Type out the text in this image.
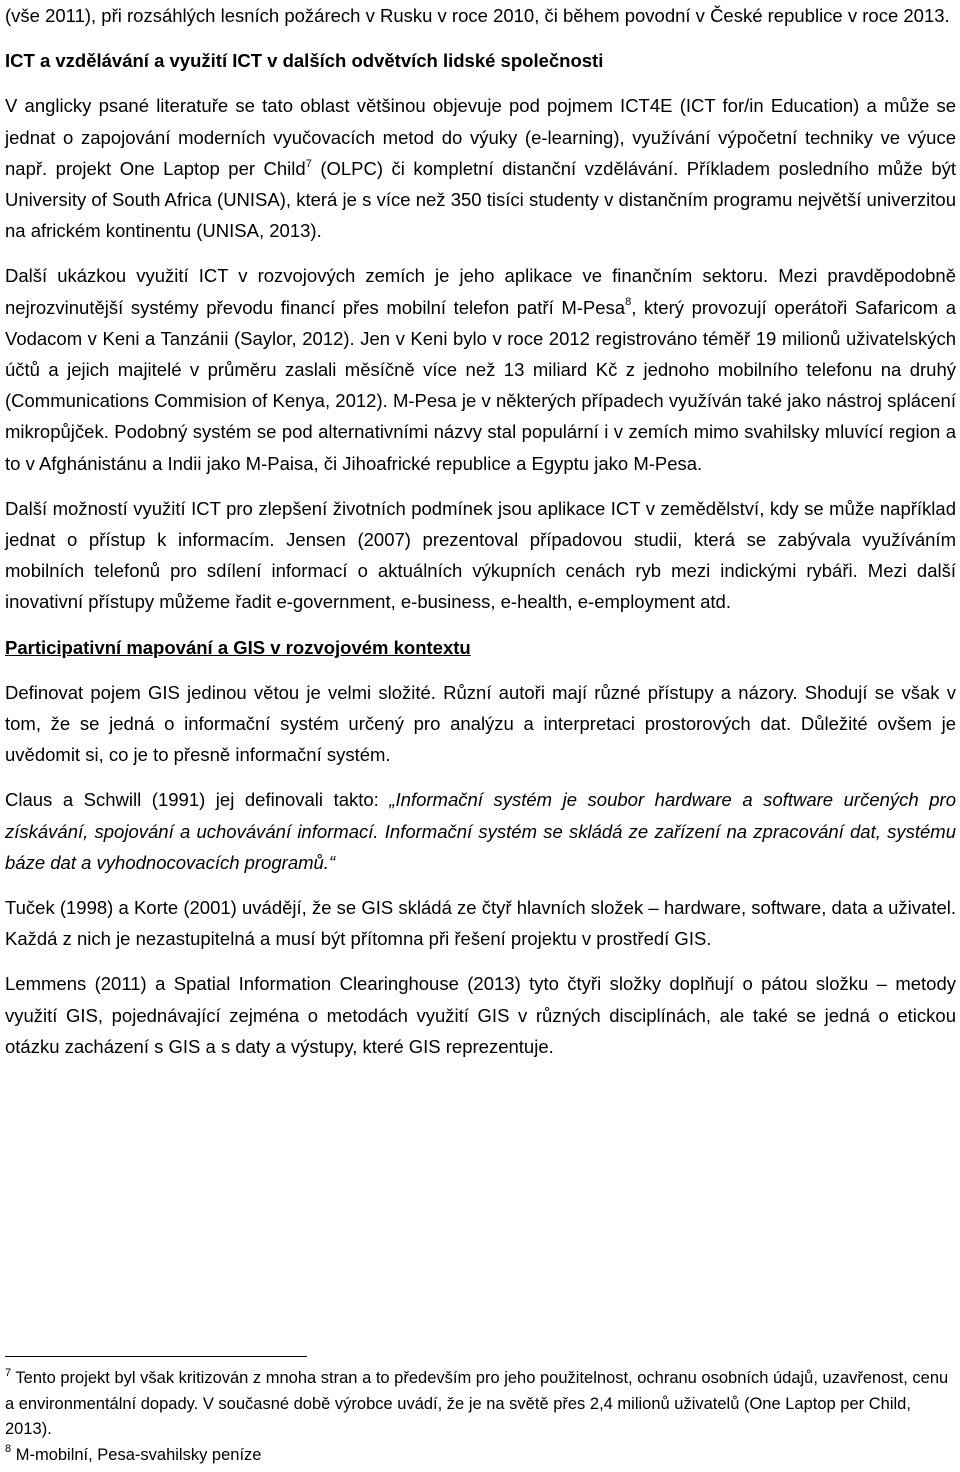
(vše 2011), při rozsáhlých lesních požárech v Rusku v roce 2010, či během povodní v České republice v roce 2013.

ICT a vzdělávání a využití ICT v dalších odvětvích lidské společnosti

V anglicky psané literatuře se tato oblast většinou objevuje pod pojmem ICT4E (ICT for/in Education) a může se jednat o zapojování moderních vyučovacích metod do výuky (e-learning), využívání výpočetní techniky ve výuce např. projekt One Laptop per Child$^7$ (OLPC) či kompletní distanční vzdělávání. Příkladem posledního může být University of South Africa (UNISA), která je s více než 350 tisíci studenty v distančním programu největší univerzitou na africkém kontinentu (UNISA, 2013).

Další ukázkou využití ICT v rozvojových zemích je jeho aplikace ve finančním sektoru. Mezi pravděpodobně nejrozvinutější systémy převodu financí přes mobilní telefon patří M-Pesa$^8$, který provozují operátoři Safaricom a Vodacom v Keni a Tanzánii (Saylor, 2012). Jen v Keni bylo v roce 2012 registrováno téměř 19 milionů uživatelských účtů a jejich majitelé v průměru zaslali měsíčně více než 13 miliard Kč z jednoho mobilního telefonu na druhý (Communications Commision of Kenya, 2012). M-Pesa je v některých případech využíván také jako nástroj splácení mikropůjček. Podobný systém se pod alternativními názvy stal populární i v zemích mimo svahilsky mluvící region a to v Afghánistánu a Indii jako M-Paisa, či Jihoafrické republice a Egyptu jako M-Pesa.

Další možností využití ICT pro zlepšení životních podmínek jsou aplikace ICT v zemědělství, kdy se může například jednat o přístup k informacím. Jensen (2007) prezentoval případovou studii, která se zabývala využíváním mobilních telefonů pro sdílení informací o aktuálních výkupních cenách ryb mezi indickými rybáři. Mezi další inovativní přístupy můžeme řadit e-government, e-business, e-health, e-employment atd.

Participativní mapování a GIS v rozvojovém kontextu

Definovat pojem GIS jedinou větou je velmi složité. Různí autoři mají různé přístupy a názory. Shodují se však v tom, že se jedná o informační systém určený pro analýzu a interpretaci prostorových dat. Důležité ovšem je uvědomit si, co je to přesně informační systém.

Claus a Schwill (1991) jej definovali takto: „Informační systém je soubor hardware a software určených pro získávání, spojování a uchovávání informací. Informační systém se skládá ze zařízení na zpracování dat, systému báze dat a vyhodnocovacích programů.“

Tuček (1998) a Korte (2001) uvádějí, že se GIS skládá ze čtyř hlavních složek – hardware, software, data a uživatel. Každá z nich je nezastupitelná a musí být přítomna při řešení projektu v prostředí GIS.

Lemmens (2011) a Spatial Information Clearinghouse (2013) tyto čtyři složky doplňují o pátou složku – metody využití GIS, pojednávající zejména o metodách využití GIS v různých disciplínách, ale také se jedná o etickou otázku zacházení s GIS a s daty a výstupy, které GIS reprezentuje.

$^7$ Tento projekt byl však kritizován z mnoha stran a to především pro jeho použitelnost, ochranu osobních údajů, uzavřenost, cenu a environmentální dopady. V současné době výrobce uvádí, že je na světě přes 2,4 milionů uživatelů (One Laptop per Child, 2013).

$^8$ M-mobilní, Pesa-svahilsky peníze
